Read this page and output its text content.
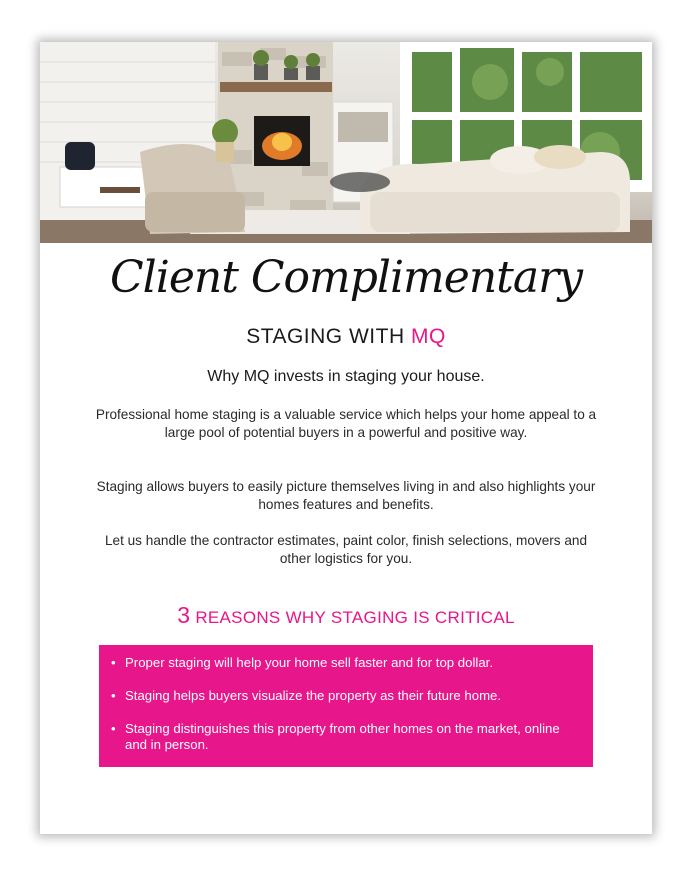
Client Complimentary
STAGING WITH MQ
Why MQ invests in staging your house.

Professional home staging is a valuable service which helps your home appeal to a large pool of potential buyers in a powerful and positive way.

Staging allows buyers to easily picture themselves living in and also highlights your homes features and benefits.

Let us handle the contractor estimates, paint color, finish selections, movers and other logistics for you.

3 REASONS WHY STAGING IS CRITICAL
• Proper staging will help your home sell faster and for top dollar.
• Staging helps buyers visualize the property as their future home.
• Staging distinguishes this property from other homes on the market, online and in person.
